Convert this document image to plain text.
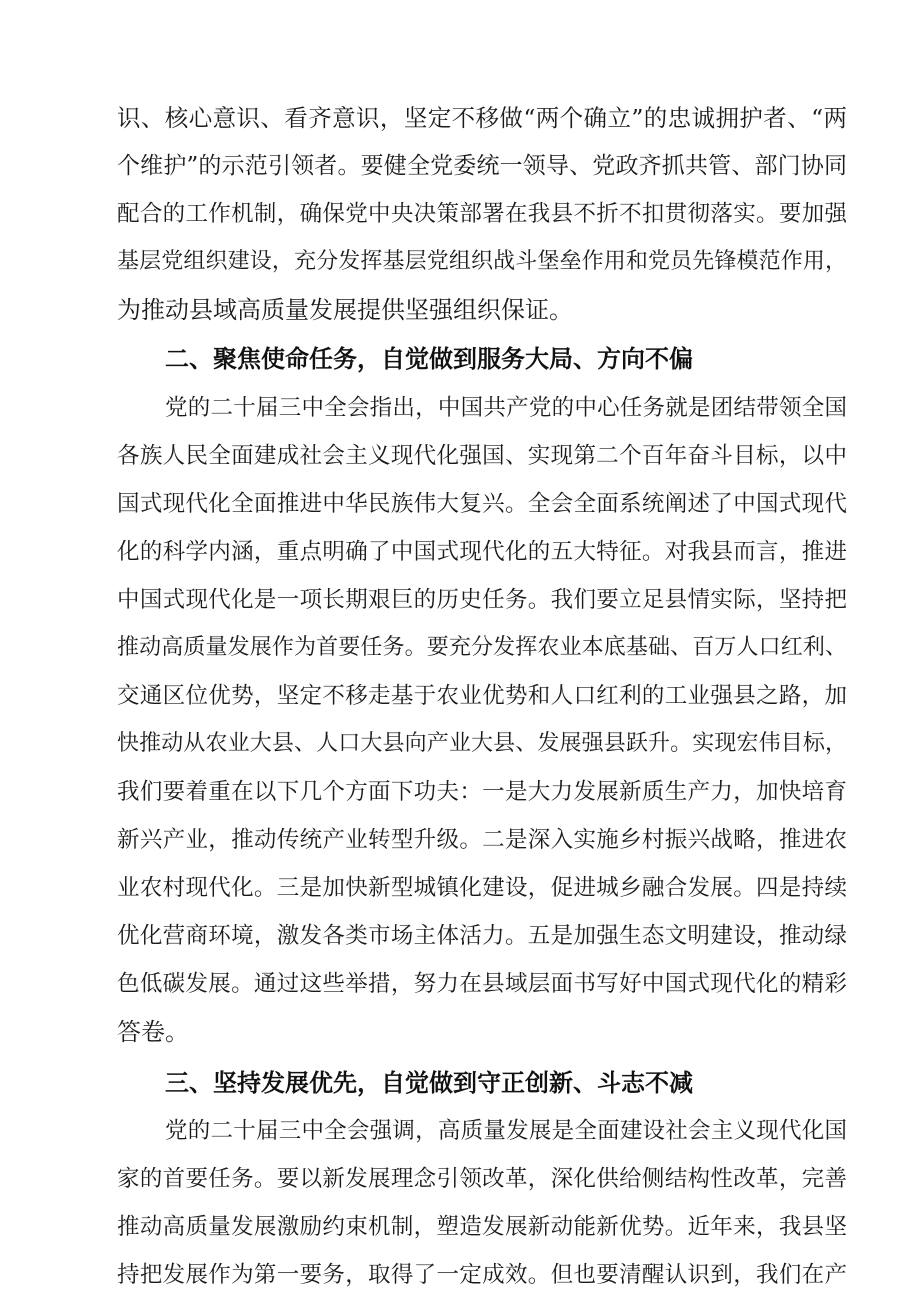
识、核心意识、看齐意识，坚定不移做“两个确立”的忠诚拥护者、“两
个维护”的示范引领者。要健全党委统一领导、党政齐抓共管、部门协同
配合的工作机制，确保党中央决策部署在我县不折不扣贯彻落实。要加强
基层党组织建设，充分发挥基层党组织战斗堡垒作用和党员先锋模范作用，
为推动县域高质量发展提供坚强组织保证。
二、聚焦使命任务，自觉做到服务大局、方向不偏
党的二十届三中全会指出，中国共产党的中心任务就是团结带领全国
各族人民全面建成社会主义现代化强国、实现第二个百年奋斗目标，以中
国式现代化全面推进中华民族伟大复兴。全会全面系统阐述了中国式现代
化的科学内涵，重点明确了中国式现代化的五大特征。对我县而言，推进
中国式现代化是一项长期艰巨的历史任务。我们要立足县情实际，坚持把
推动高质量发展作为首要任务。要充分发挥农业本底基础、百万人口红利、
交通区位优势，坚定不移走基于农业优势和人口红利的工业强县之路，加
快推动从农业大县、人口大县向产业大县、发展强县跃升。实现宏伟目标，
我们要着重在以下几个方面下功夫：一是大力发展新质生产力，加快培育
新兴产业，推动传统产业转型升级。二是深入实施乡村振兴战略，推进农
业农村现代化。三是加快新型城镇化建设，促进城乡融合发展。四是持续
优化营商环境，激发各类市场主体活力。五是加强生态文明建设，推动绿
色低碳发展。通过这些举措，努力在县域层面书写好中国式现代化的精彩
答卷。
三、坚持发展优先，自觉做到守正创新、斗志不减
党的二十届三中全会强调，高质量发展是全面建设社会主义现代化国
家的首要任务。要以新发展理念引领改革，深化供给侧结构性改革，完善
推动高质量发展激励约束机制，塑造发展新动能新优势。近年来，我县坚
持把发展作为第一要务，取得了一定成效。但也要清醒认识到，我们在产
